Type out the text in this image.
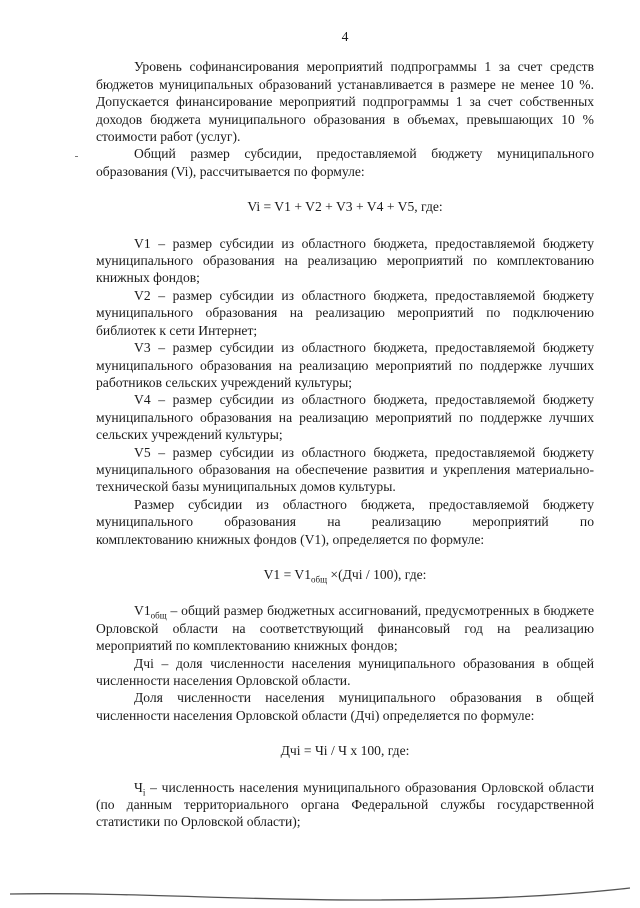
4

Уровень софинансирования мероприятий подпрограммы 1 за счет средств бюджетов муниципальных образований устанавливается в размере не менее 10 %. Допускается финансирование мероприятий подпрограммы 1 за счет собственных доходов бюджета муниципального образования в объемах, превышающих 10 % стоимости работ (услуг).

Общий размер субсидии, предоставляемой бюджету муниципального образования (Vi), рассчитывается по формуле:

Vi = V1 + V2 + V3 + V4 + V5, где:

V1 – размер субсидии из областного бюджета, предоставляемой бюджету муниципального образования на реализацию мероприятий по комплектованию книжных фондов;

V2 – размер субсидии из областного бюджета, предоставляемой бюджету муниципального образования на реализацию мероприятий по подключению библиотек к сети Интернет;

V3 – размер субсидии из областного бюджета, предоставляемой бюджету муниципального образования на реализацию мероприятий по поддержке лучших работников сельских учреждений культуры;

V4 – размер субсидии из областного бюджета, предоставляемой бюджету муниципального образования на реализацию мероприятий по поддержке лучших сельских учреждений культуры;

V5 – размер субсидии из областного бюджета, предоставляемой бюджету муниципального образования на обеспечение развития и укрепления материально-технической базы муниципальных домов культуры.

Размер субсидии из областного бюджета, предоставляемой бюджету

муниципального образования на реализацию мероприятий по

комплектованию книжных фондов (V1), определяется по формуле:

$V1 = V1_{общ} \times(Дчi / 100)$, где:

$V1_{общ}$ – общий размер бюджетных ассигнований, предусмотренных в бюджете Орловской области на соответствующий финансовый год на реализацию мероприятий по комплектованию книжных фондов;

Дчi – доля численности населения муниципального образования в общей численности населения Орловской области.

Доля численности населения муниципального образования в общей численности населения Орловской области (Дчi) определяется по формуле:

Дчi = Чi / Ч х 100, где:

$Ч_i$ – численность населения муниципального образования Орловской области (по данным территориального органа Федеральной службы государственной статистики по Орловской области);
